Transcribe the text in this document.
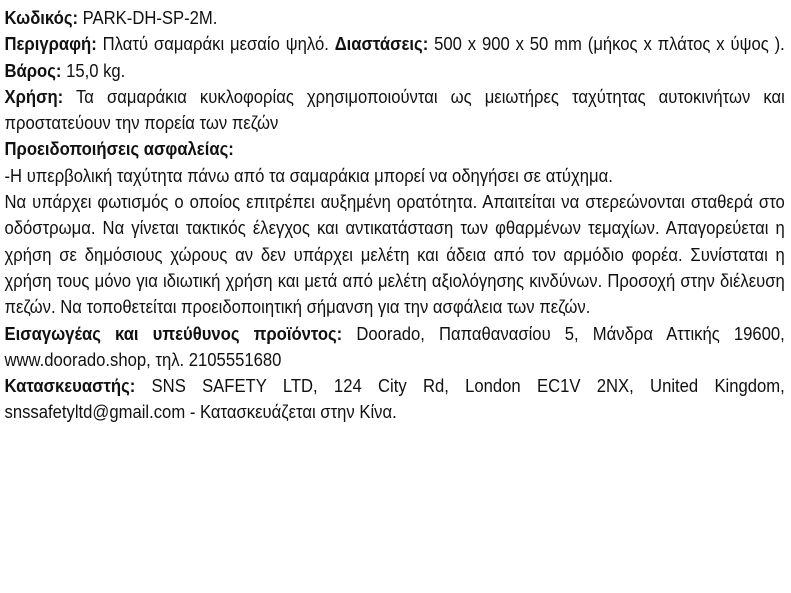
Κωδικός: PARK-DH-SP-2M.

Περιγραφή: Πλατύ σαμαράκι μεσαίο ψηλό. Διαστάσεις: 500 x 900 x 50 mm (μήκος x πλάτος x ύψος ). Βάρος: 15,0 kg.

Χρήση: Τα σαμαράκια κυκλοφορίας χρησιμοποιούνται ως μειωτήρες ταχύτητας αυτοκινήτων και προστατεύουν την πορεία των πεζών

Προειδοποιήσεις ασφαλείας:

-Η υπερβολική ταχύτητα πάνω από τα σαμαράκια μπορεί να οδηγήσει σε ατύχημα.

Να υπάρχει φωτισμός ο οποίος επιτρέπει αυξημένη ορατότητα. Απαιτείται να στερεώνονται σταθερά στο οδόστρωμα. Να γίνεται τακτικός έλεγχος και αντικατάσταση των φθαρμένων τεμαχίων. Απαγορεύεται η χρήση σε δημόσιους χώρους αν δεν υπάρχει μελέτη και άδεια από τον αρμόδιο φορέα. Συνίσταται η χρήση τους μόνο για ιδιωτική χρήση και μετά από μελέτη αξιολόγησης κινδύνων. Προσοχή στην διέλευση πεζών. Να τοποθετείται προειδοποιητική σήμανση για την ασφάλεια των πεζών.

Εισαγωγέας και υπεύθυνος προϊόντος: Doorado, Παπαθανασίου 5, Μάνδρα Αττικής 19600, www.doorado.shop, τηλ. 2105551680

Κατασκευαστής: SNS SAFETY LTD, 124 City Rd, London EC1V 2NX, United Kingdom, snssafetyltd@gmail.com - Κατασκευάζεται στην Κίνα.
